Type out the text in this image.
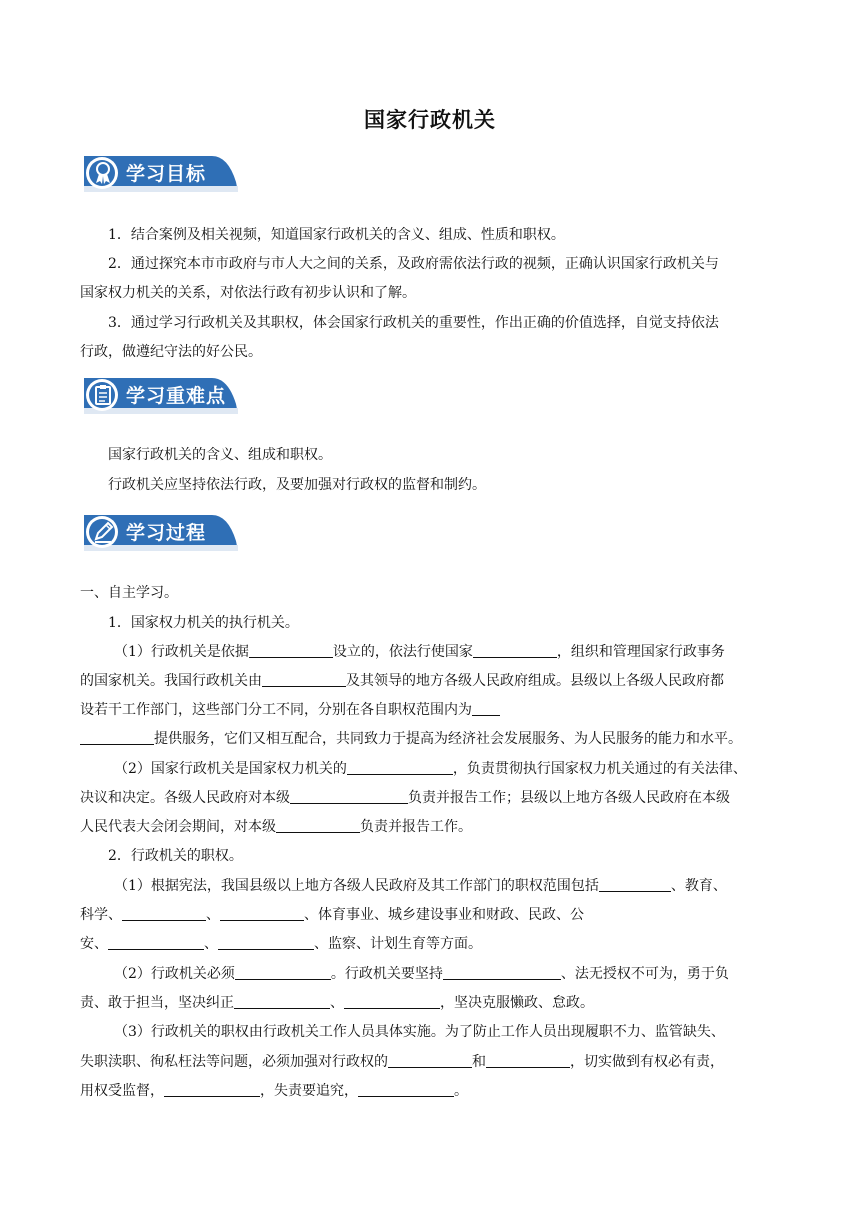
国家行政机关
学习目标
1．结合案例及相关视频，知道国家行政机关的含义、组成、性质和职权。
2．通过探究本市市政府与市人大之间的关系，及政府需依法行政的视频，正确认识国家行政机关与
国家权力机关的关系，对依法行政有初步认识和了解。
3．通过学习行政机关及其职权，体会国家行政机关的重要性，作出正确的价值选择，自觉支持依法
行政，做遵纪守法的好公民。
学习重难点
国家行政机关的含义、组成和职权。
行政机关应坚持依法行政，及要加强对行政权的监督和制约。
学习过程
一、自主学习。
1．国家权力机关的执行机关。
（1）行政机关是依据	设立的，依法行使国家	，组织和管理国家行政事务
的国家机关。我国行政机关由	及其领导的地方各级人民政府组成。县级以上各级人民政府都
设若干工作部门，这些部门分工不同，分别在各自职权范围内为
提供服务，它们又相互配合，共同致力于提高为经济社会发展服务、为人民服务的能力和水平。
（2）国家行政机关是国家权力机关的	，负责贯彻执行国家权力机关通过的有关法律、
决议和决定。各级人民政府对本级	负责并报告工作；县级以上地方各级人民政府在本级
人民代表大会闭会期间，对本级	负责并报告工作。
2．行政机关的职权。
（1）根据宪法，我国县级以上地方各级人民政府及其工作部门的职权范围包括	、教育、
科学、	、	、体育事业、城乡建设事业和财政、民政、公
安、	、	、监察、计划生育等方面。
（2）行政机关必须	。行政机关要坚持	、法无授权不可为，勇于负
责、敢于担当，坚决纠正	、	，坚决克服懒政、怠政。
（3）行政机关的职权由行政机关工作人员具体实施。为了防止工作人员出现履职不力、监管缺失、
失职渎职、徇私枉法等问题，必须加强对行政权的	和	，切实做到有权必有责，
用权受监督，	，失责要追究，	。
